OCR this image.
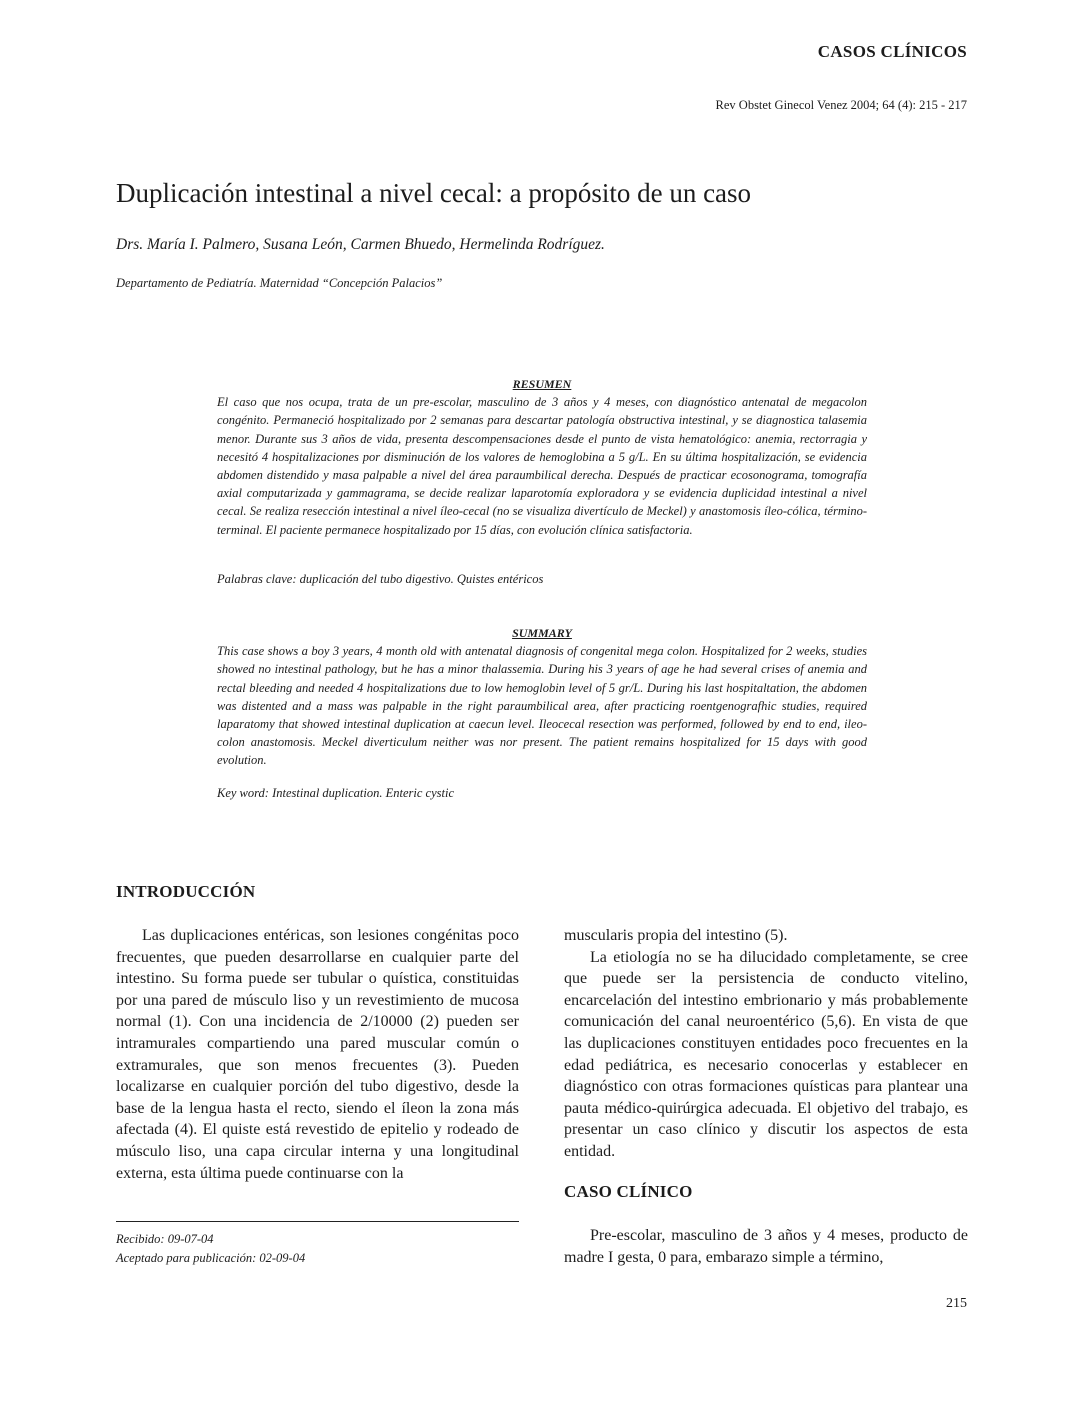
CASOS CLÍNICOS
Rev Obstet Ginecol Venez 2004; 64 (4): 215 - 217
Duplicación intestinal a nivel cecal: a propósito de un caso
Drs. María I. Palmero, Susana León, Carmen Bhuedo, Hermelinda Rodríguez.
Departamento de Pediatría. Maternidad “Concepción Palacios”
RESUMEN
El caso que nos ocupa, trata de un pre-escolar, masculino de 3 años y 4 meses, con diagnóstico antenatal de megacolon congénito. Permaneció hospitalizado por 2 semanas para descartar patología obstructiva intestinal, y se diagnostica talasemia menor. Durante sus 3 años de vida, presenta descompensaciones desde el punto de vista hematológico: anemia, rectorragia y necesitó 4 hospitalizaciones por disminución de los valores de hemoglobina a 5 g/L. En su última hospitalización, se evidencia abdomen distendido y masa palpable a nivel del área paraumbilical derecha. Después de practicar ecosonograma, tomografía axial computarizada y gammagrama, se decide realizar laparotomía exploradora y se evidencia duplicidad intestinal a nivel cecal. Se realiza resección intestinal a nivel íleo-cecal (no se visualiza divertículo de Meckel) y anastomosis íleo-cólica, término-terminal. El paciente permanece hospitalizado por 15 días, con evolución clínica satisfactoria.
Palabras clave: duplicación del tubo digestivo. Quistes entéricos
SUMMARY
This case shows a boy 3 years, 4 month old with antenatal diagnosis of congenital mega colon. Hospitalized for 2 weeks, studies showed no intestinal pathology, but he has a minor thalassemia. During his 3 years of age he had several crises of anemia and rectal bleeding and needed 4 hospitalizations due to low hemoglobin level of 5 gr/L. During his last hospitaltation, the abdomen was distented and a mass was palpable in the right paraumbilical area, after practicing roentgenografhic studies, required laparatomy that showed intestinal duplication at caecun level. Ileocecal resection was performed, followed by end to end, ileo-colon anastomosis. Meckel diverticulum neither was nor present. The patient remains hospitalized for 15 days with good evolution.
Key word: Intestinal duplication. Enteric cystic
INTRODUCCIÓN

Las duplicaciones entéricas, son lesiones congénitas poco frecuentes, que pueden desarrollarse en cualquier parte del intestino. Su forma puede ser tubular o quística, constituidas por una pared de músculo liso y un revestimiento de mucosa normal (1). Con una incidencia de 2/10000 (2) pueden ser intramurales compartiendo una pared muscular común o extramurales, que son menos frecuentes (3). Pueden localizarse en cualquier porción del tubo digestivo, desde la base de la lengua hasta el recto, siendo el íleon la zona más afectada (4). El quiste está revestido de epitelio y rodeado de músculo liso, una capa circular interna y una longitudinal externa, esta última puede continuarse con la

muscularis propia del intestino (5).

La etiología no se ha dilucidado completamente, se cree que puede ser la persistencia de conducto vitelino, encarcelación del intestino embrionario y más probablemente comunicación del canal neuroentérico (5,6). En vista de que las duplicaciones constituyen entidades poco frecuentes en la edad pediátrica, es necesario conocerlas y establecer en diagnóstico con otras formaciones quísticas para plantear una pauta médico-quirúrgica adecuada. El objetivo del trabajo, es presentar un caso clínico y discutir los aspectos de esta entidad.

CASO CLÍNICO

Pre-escolar, masculino de 3 años y 4 meses, producto de madre I gesta, 0 para, embarazo simple a término,

Recibido: 09-07-04
Aceptado para publicación: 02-09-04
215
